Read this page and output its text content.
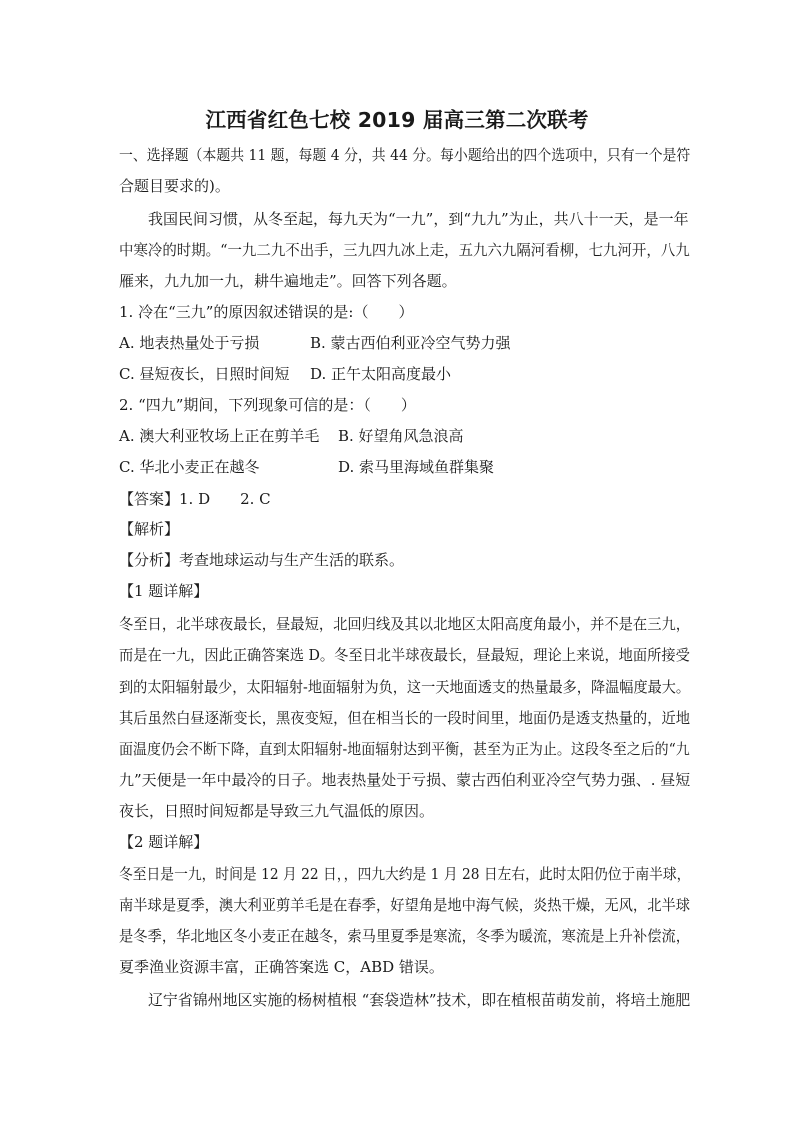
江西省红色七校 2019 届高三第二次联考
一、选择题（本题共 11 题，每题 4 分，共 44 分。每小题给出的四个选项中，只有一个是符
合题目要求的)。
我国民间习惯，从冬至起，每九天为“一九”，到“九九”为止，共八十一天，是一年
中寒冷的时期。“一九二九不出手，三九四九冰上走，五九六九隔河看柳，七九河开，八九
雁来，九九加一九，耕牛遍地走”。回答下列各题。
1. 冷在“三九”的原因叙述错误的是:（　　）
A. 地表热量处于亏损	B. 蒙古西伯利亚冷空气势力强
C. 昼短夜长，日照时间短 D. 正午太阳高度最小
2. “四九”期间，下列现象可信的是：（　　）
A. 澳大利亚牧场上正在剪羊毛 B. 好望角风急浪高
C. 华北小麦正在越冬	D. 索马里海域鱼群集聚
【答案】1. D　　2. C
【解析】
【分析】考查地球运动与生产生活的联系。
【1 题详解】
冬至日，北半球夜最长，昼最短，北回归线及其以北地区太阳高度角最小，并不是在三九，
而是在一九，因此正确答案选 D。冬至日北半球夜最长，昼最短，理论上来说，地面所接受
到的太阳辐射最少，太阳辐射-地面辐射为负，这一天地面透支的热量最多，降温幅度最大。
其后虽然白昼逐渐变长，黑夜变短，但在相当长的一段时间里，地面仍是透支热量的，近地
面温度仍会不断下降，直到太阳辐射-地面辐射达到平衡，甚至为正为止。这段冬至之后的“九
九”天便是一年中最冷的日子。地表热量处于亏损、蒙古西伯利亚冷空气势力强、. 昼短
夜长，日照时间短都是导致三九气温低的原因。
【2 题详解】
冬至日是一九，时间是 12 月 22 日，，四九大约是 1 月 28 日左右，此时太阳仍位于南半球，
南半球是夏季，澳大利亚剪羊毛是在春季，好望角是地中海气候，炎热干燥，无风，北半球
是冬季，华北地区冬小麦正在越冬，索马里夏季是寒流，冬季为暖流，寒流是上升补偿流，
夏季渔业资源丰富，正确答案选 C，ABD 错误。
辽宁省锦州地区实施的杨树植根 “套袋造林”技术，即在植根苗萌发前，将培土施肥
